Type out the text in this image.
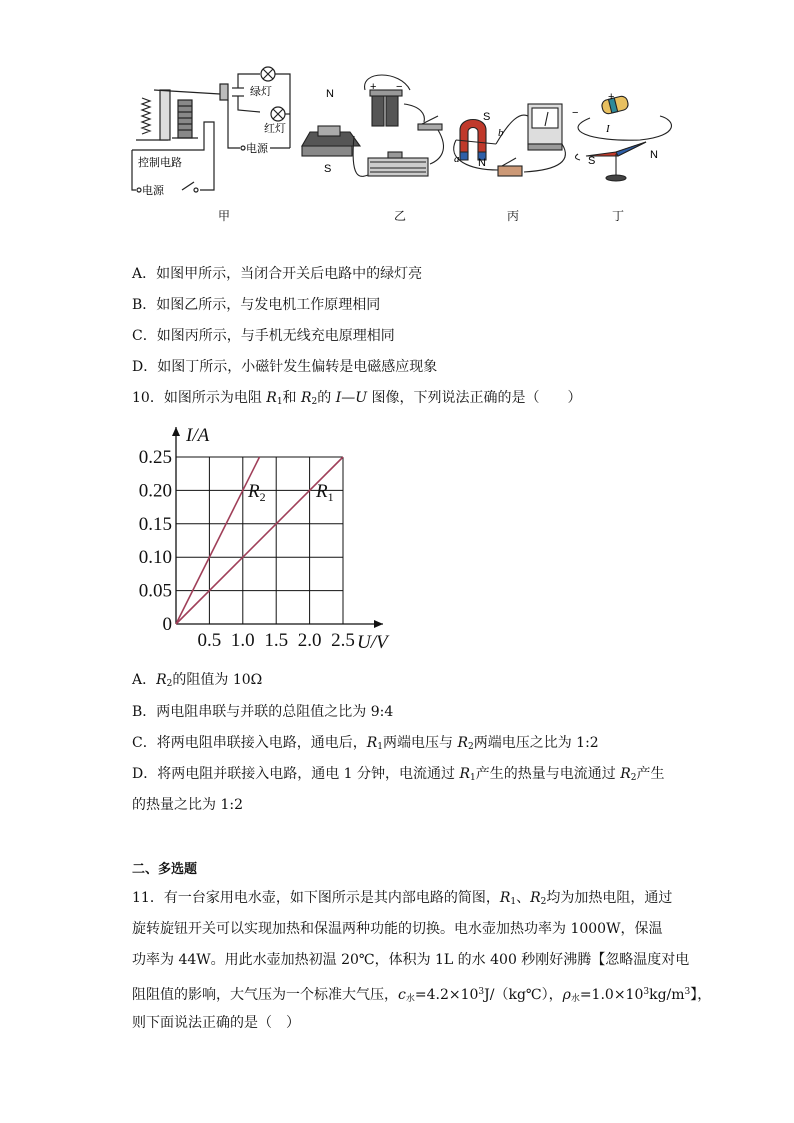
绿灯
红灯
电源
控制电路
电源
N
S
+ −
S
N
a
b
−
+
I
S	N
甲	乙	丙	丁
A．如图甲所示，当闭合开关后电路中的绿灯亮
B．如图乙所示，与发电机工作原理相同
C．如图丙所示，与手机无线充电原理相同
D．如图丁所示，小磁针发生偏转是电磁感应现象
10．如图所示为电阻 $R_1$和 $R_2$的 I—U 图像，下列说法正确的是（　　）
$R_2$	$R_1$
0.5 1.0 1.5 2.0 2.5
0.25
0.20
0.15
0.10
0.05
0
I/A
U/V
A．$R_2$的阻值为 10Ω
B．两电阻串联与并联的总阻值之比为 9:4
C．将两电阻串联接入电路，通电后，$R_1$两端电压与 $R_2$两端电压之比为 1:2
D．将两电阻并联接入电路，通电 1 分钟，电流通过 $R_1$产生的热量与电流通过 $R_2$产生
的热量之比为 1:2
二、多选题
11．有一台家用电水壶，如下图所示是其内部电路的简图，$R_1$、$R_2$均为加热电阻，通过
旋转旋钮开关可以实现加热和保温两种功能的切换。电水壶加热功率为 1000W，保温
功率为 44W。用此水壶加热初温 20℃，体积为 1L 的水 400 秒刚好沸腾【忽略温度对电
阻阻值的影响，大气压为一个标准大气压，$c_水=4.2\times 10^3J/(kg℃)$，$\rho_水=1.0\times 10^3kg/m^3$】，
则下面说法正确的是（　）
